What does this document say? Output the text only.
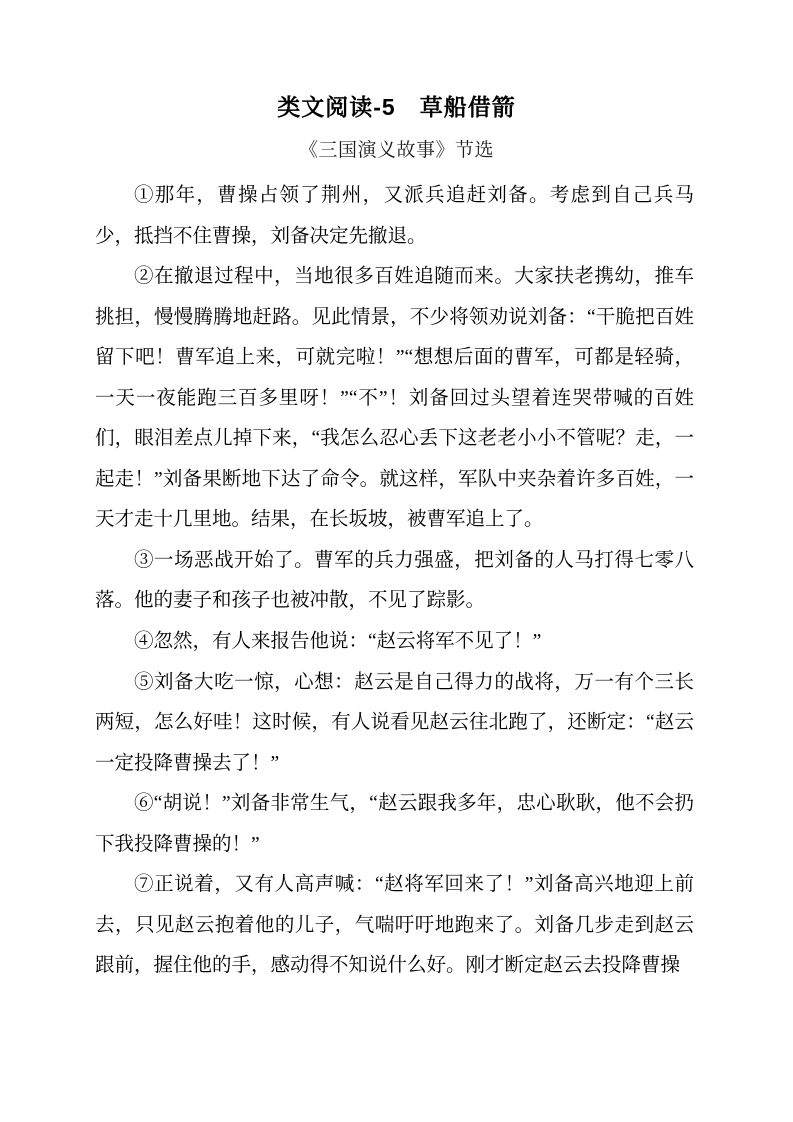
类文阅读-5　草船借箭
《三国演义故事》节选

①那年，曹操占领了荆州，又派兵追赶刘备。考虑到自己兵马少，抵挡不住曹操，刘备决定先撤退。

②在撤退过程中，当地很多百姓追随而来。大家扶老携幼，推车挑担，慢慢腾腾地赶路。见此情景，不少将领劝说刘备：“干脆把百姓留下吧！曹军追上来，可就完啦！”“想想后面的曹军，可都是轻骑，一天一夜能跑三百多里呀！”“不”！刘备回过头望着连哭带喊的百姓们，眼泪差点儿掉下来，“我怎么忍心丢下这老老小小不管呢？走，一起走！”刘备果断地下达了命令。就这样，军队中夹杂着许多百姓，一天才走十几里地。结果，在长坂坡，被曹军追上了。

③一场恶战开始了。曹军的兵力强盛，把刘备的人马打得七零八落。他的妻子和孩子也被冲散，不见了踪影。

④忽然，有人来报告他说：“赵云将军不见了！”

⑤刘备大吃一惊，心想：赵云是自己得力的战将，万一有个三长两短，怎么好哇！这时候，有人说看见赵云往北跑了，还断定：“赵云一定投降曹操去了！”

⑥“胡说！”刘备非常生气，“赵云跟我多年，忠心耿耿，他不会扔下我投降曹操的！”

⑦正说着，又有人高声喊：“赵将军回来了！”刘备高兴地迎上前去，只见赵云抱着他的儿子，气喘吁吁地跑来了。刘备几步走到赵云跟前，握住他的手，感动得不知说什么好。刚才断定赵云去投降曹操
